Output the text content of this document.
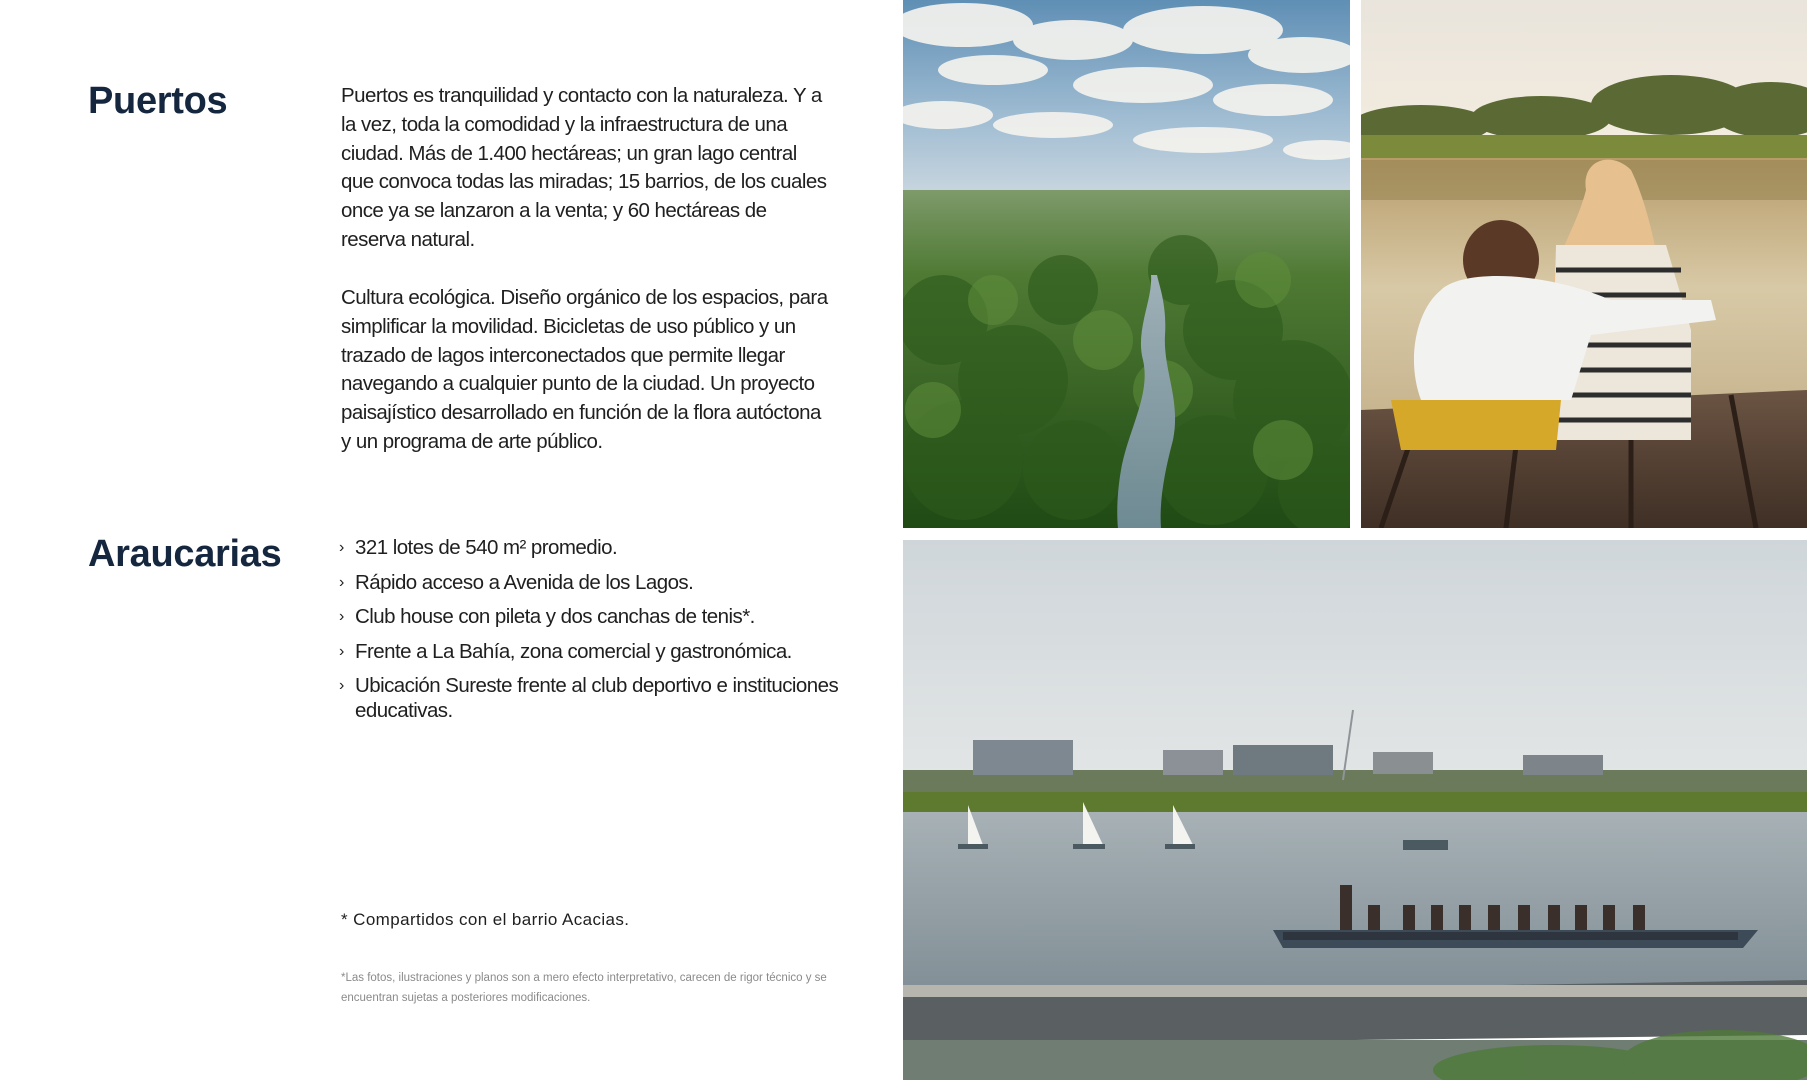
Puertos	Puertos es tranquilidad y contacto con la naturaleza. Y a la vez, toda la comodidad y la infraestructura de una ciudad. Más de 1.400 hectáreas; un gran lago central que convoca todas las miradas; 15 barrios, de los cuales once ya se lanzaron a la venta; y 60 hectáreas de reserva natural.

Cultura ecológica. Diseño orgánico de los espacios, para simplificar la movilidad. Bicicletas de uso público y un trazado de lagos interconectados que permite llegar navegando a cualquier punto de la ciudad. Un proyecto paisajístico desarrollado en función de la flora autóctona y un programa de arte público.

Araucarias	› 321 lotes de 540 m² promedio.
› Rápido acceso a Avenida de los Lagos.
› Club house con pileta y dos canchas de tenis*.
› Frente a La Bahía, zona comercial y gastronómica.
› Ubicación Sureste frente al club deportivo e instituciones educativas.

* Compartidos con el barrio Acacias.

*Las fotos, ilustraciones y planos son a mero efecto interpretativo, carecen de rigor técnico y se encuentran sujetas a posteriores modificaciones.
